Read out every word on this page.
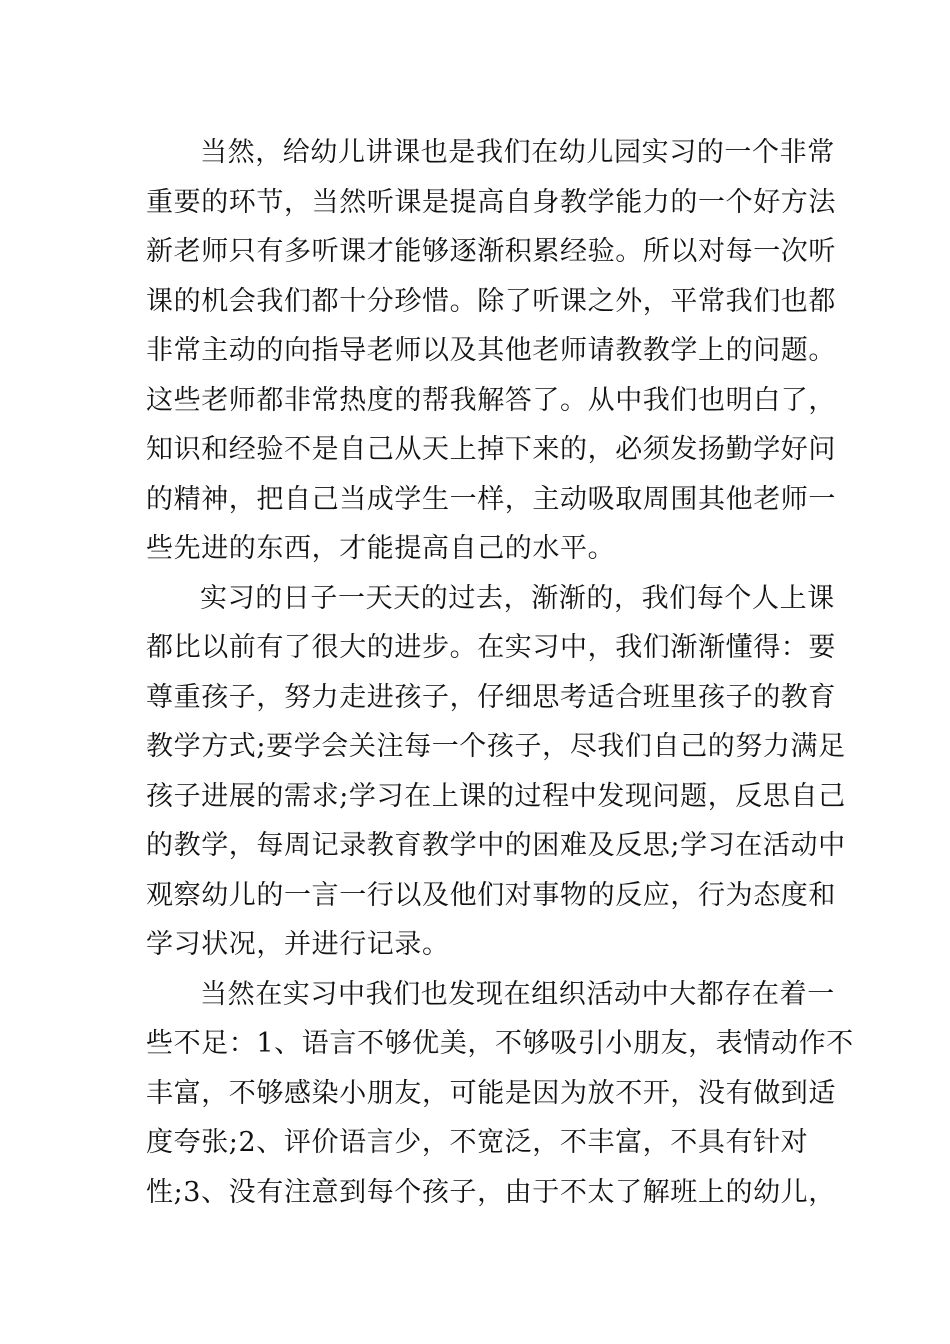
当然，给幼儿讲课也是我们在幼儿园实习的一个非常
重要的环节，当然听课是提高自身教学能力的一个好方法
新老师只有多听课才能够逐渐积累经验。所以对每一次听
课的机会我们都十分珍惜。除了听课之外，平常我们也都
非常主动的向指导老师以及其他老师请教教学上的问题。
这些老师都非常热度的帮我解答了。从中我们也明白了，
知识和经验不是自己从天上掉下来的，必须发扬勤学好问
的精神，把自己当成学生一样，主动吸取周围其他老师一
些先进的东西，才能提高自己的水平。
实习的日子一天天的过去，渐渐的，我们每个人上课
都比以前有了很大的进步。在实习中，我们渐渐懂得：要
尊重孩子，努力走进孩子，仔细思考适合班里孩子的教育
教学方式;要学会关注每一个孩子，尽我们自己的努力满足
孩子进展的需求;学习在上课的过程中发现问题，反思自己
的教学，每周记录教育教学中的困难及反思;学习在活动中
观察幼儿的一言一行以及他们对事物的反应，行为态度和
学习状况，并进行记录。
当然在实习中我们也发现在组织活动中大都存在着一
些不足：1、语言不够优美，不够吸引小朋友，表情动作不
丰富，不够感染小朋友，可能是因为放不开，没有做到适
度夸张;2、评价语言少，不宽泛，不丰富，不具有针对
性;3、没有注意到每个孩子，由于不太了解班上的幼儿，
